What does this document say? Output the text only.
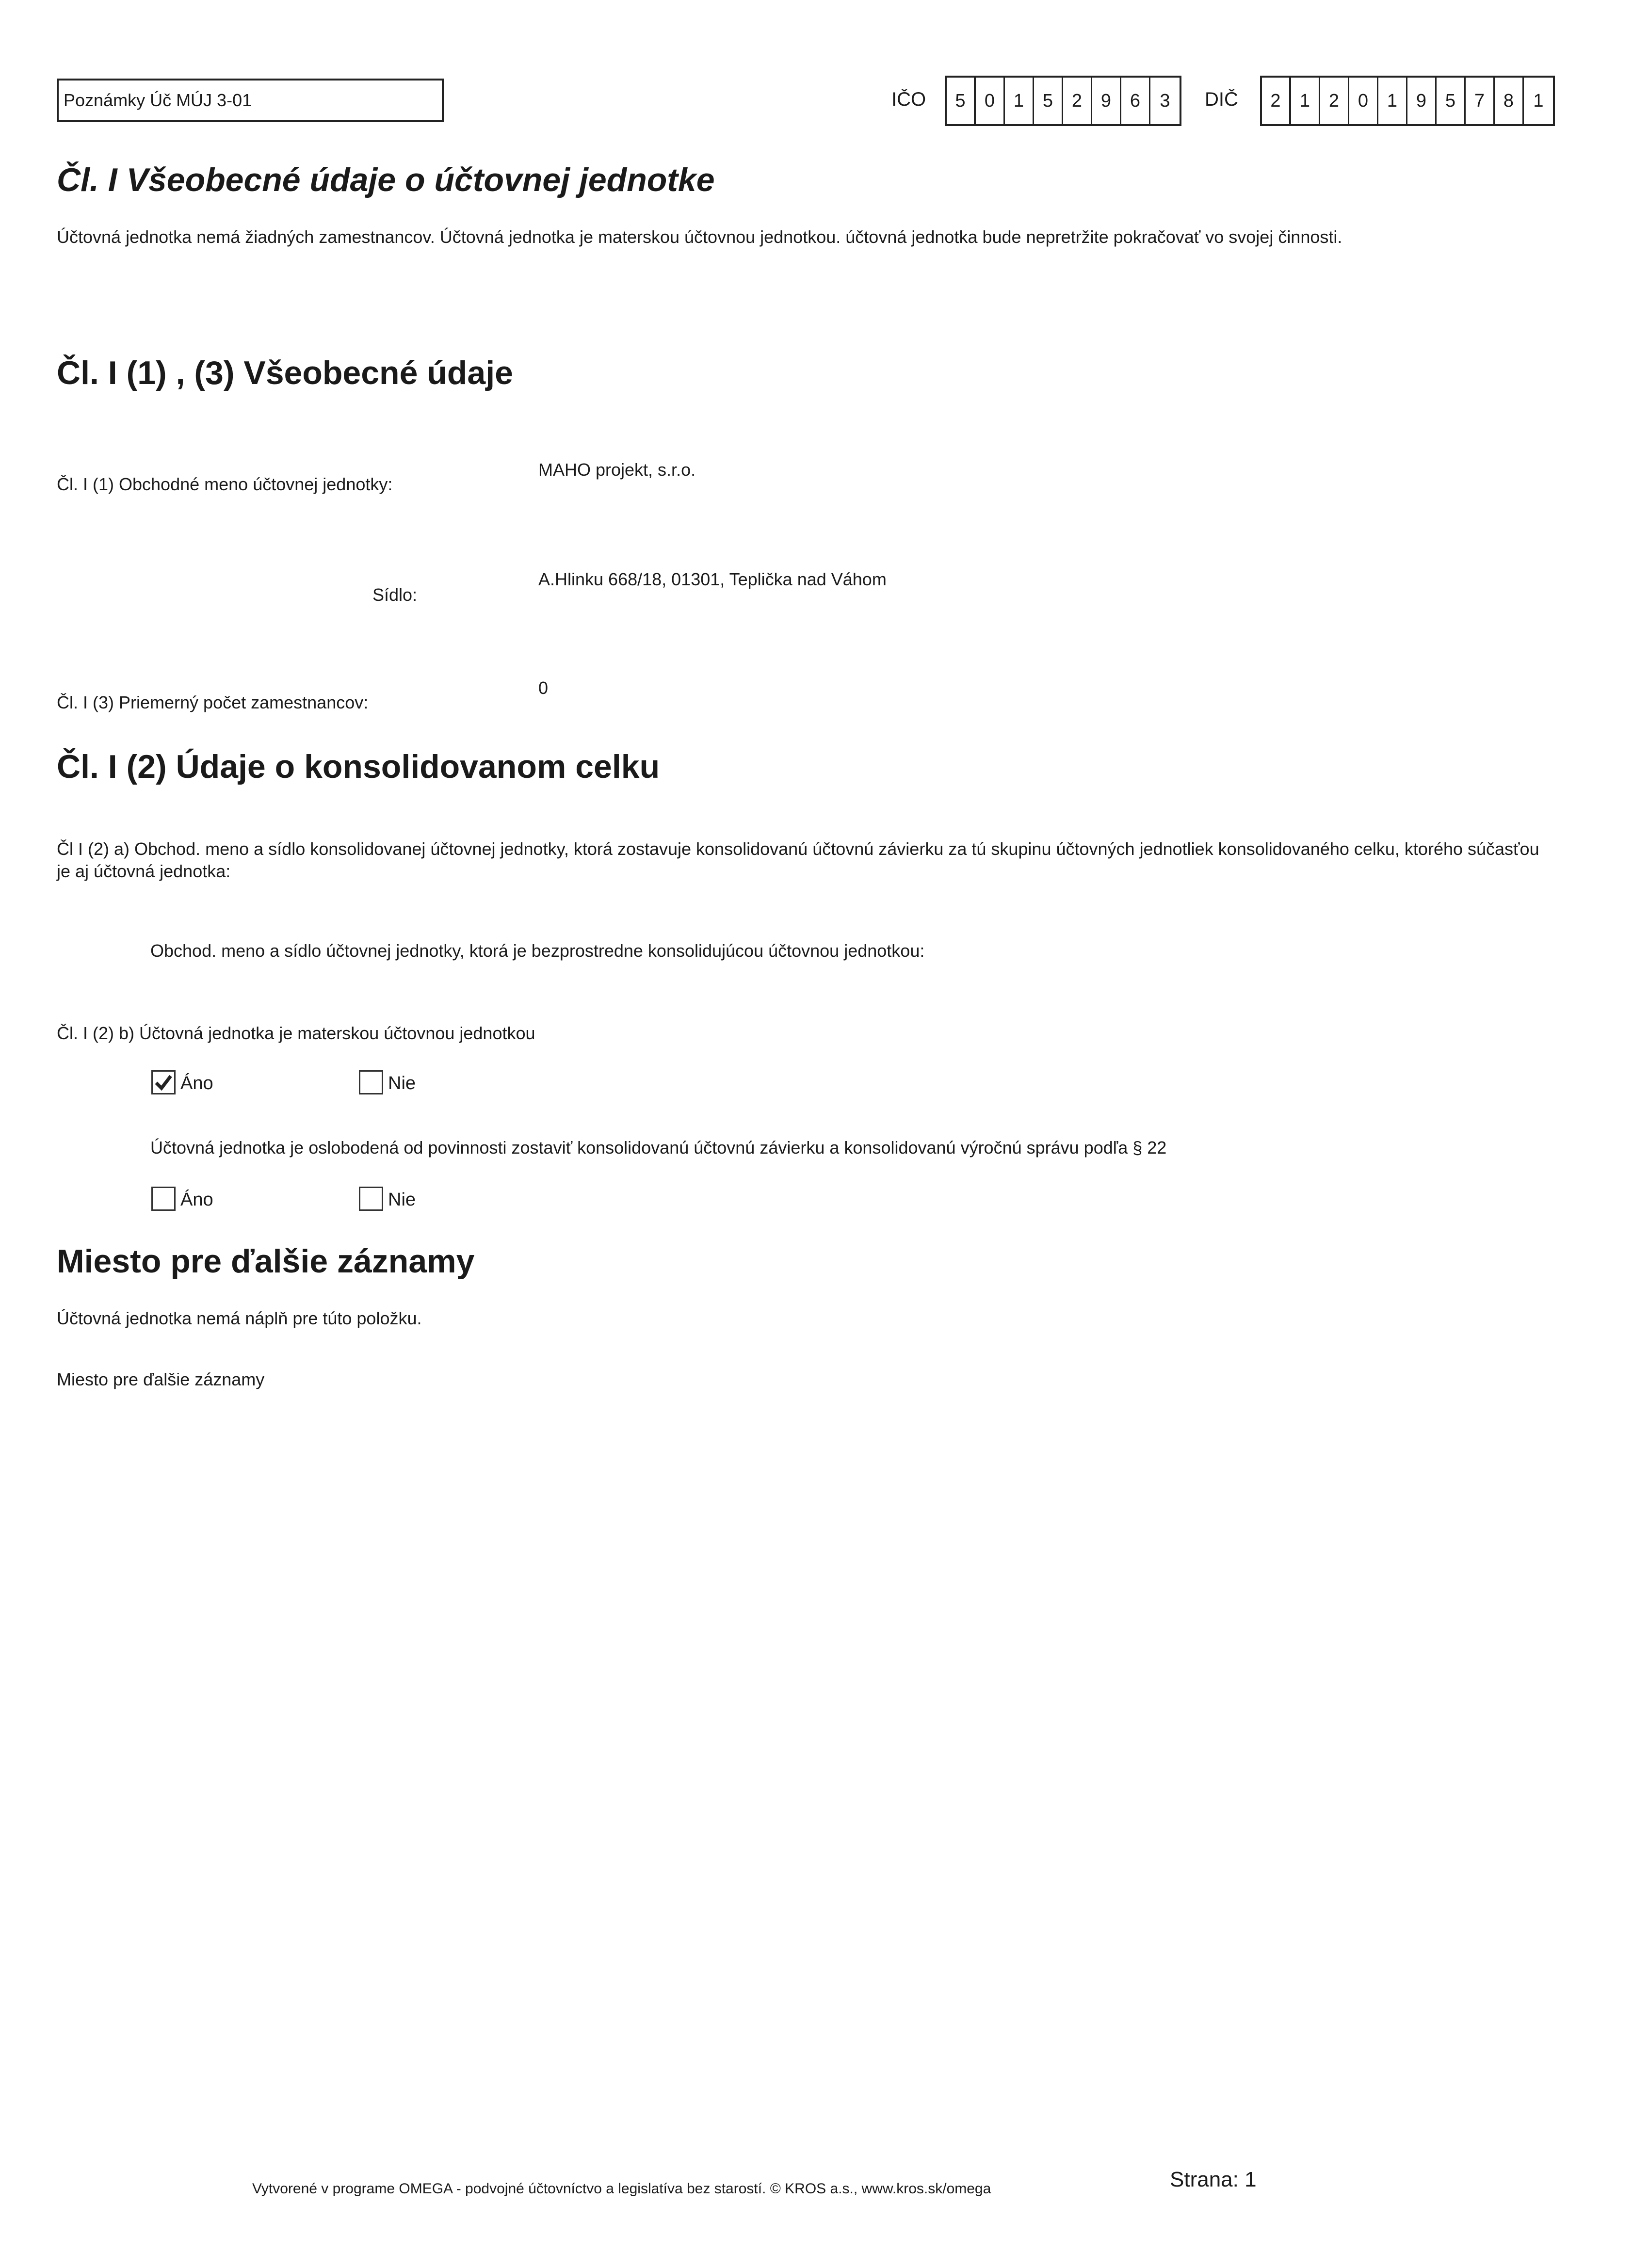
Poznámky Úč MÚJ 3-01	IČO	5	0	1	5	2	9	6	3	DIČ	2	1	2	0	1	9	5	7	8	1
Čl. I Všeobecné údaje o účtovnej jednotke
Účtovná jednotka nemá žiadných zamestnancov. Účtovná jednotka je materskou účtovnou jednotkou. účtovná jednotka bude nepretržite pokračovať vo svojej činnosti.
Čl. I (1) , (3) Všeobecné údaje
Čl. I (1) Obchodné meno účtovnej jednotky:
MAHO projekt, s.r.o.
Sídlo:
A.Hlinku 668/18, 01301, Teplička nad Váhom
Čl. I (3) Priemerný počet zamestnancov:
0
Čl. I (2) Údaje o konsolidovanom celku
Čl I (2) a) Obchod. meno a sídlo konsolidovanej účtovnej jednotky, ktorá zostavuje konsolidovanú účtovnú závierku za tú skupinu účtovných jednotliek konsolidovaného celku, ktorého súčasťou je aj účtovná jednotka:
Obchod. meno a sídlo účtovnej jednotky, ktorá je bezprostredne konsolidujúcou účtovnou jednotkou:
Čl. I (2) b) Účtovná jednotka je materskou účtovnou jednotkou
Áno	Nie
Účtovná jednotka je oslobodená od povinnosti zostaviť konsolidovanú účtovnú závierku a konsolidovanú výročnú správu podľa § 22
Áno	Nie
Miesto pre ďalšie záznamy
Účtovná jednotka nemá náplň pre túto položku.
Miesto pre ďalšie záznamy
Vytvorené v programe OMEGA - podvojné účtovníctvo a legislatíva bez starostí. © KROS a.s., www.kros.sk/omega	Strana: 1
